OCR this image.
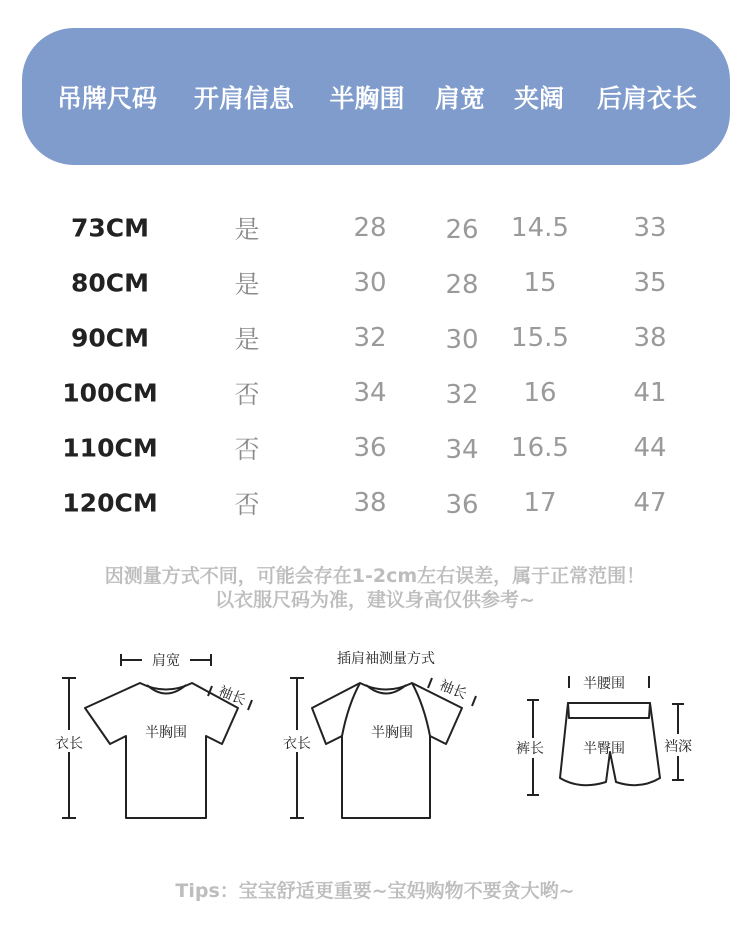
吊牌尺码 开肩信息 半胸围 肩宽 夹阔 后肩衣长
73CM	是	28 26 14.5 33
80CM	是	30 28 15	35
90CM	是	32 30 15.5 38
100CM	否	34 32 16	41
110CM	否	36 34 16.5 44
120CM	否	38 36 17	47
因测量方式不同，可能会存在1-2cm左右误差，属于正常范围！
以衣服尺码为准，建议身高仅供参考~
肩宽
袖长
半胸围
衣长
插肩袖测量方式
袖长
半胸围
衣长
半腰围
裤长	半臀围	裆深
Tips：宝宝舒适更重要~宝妈购物不要贪大哟~
